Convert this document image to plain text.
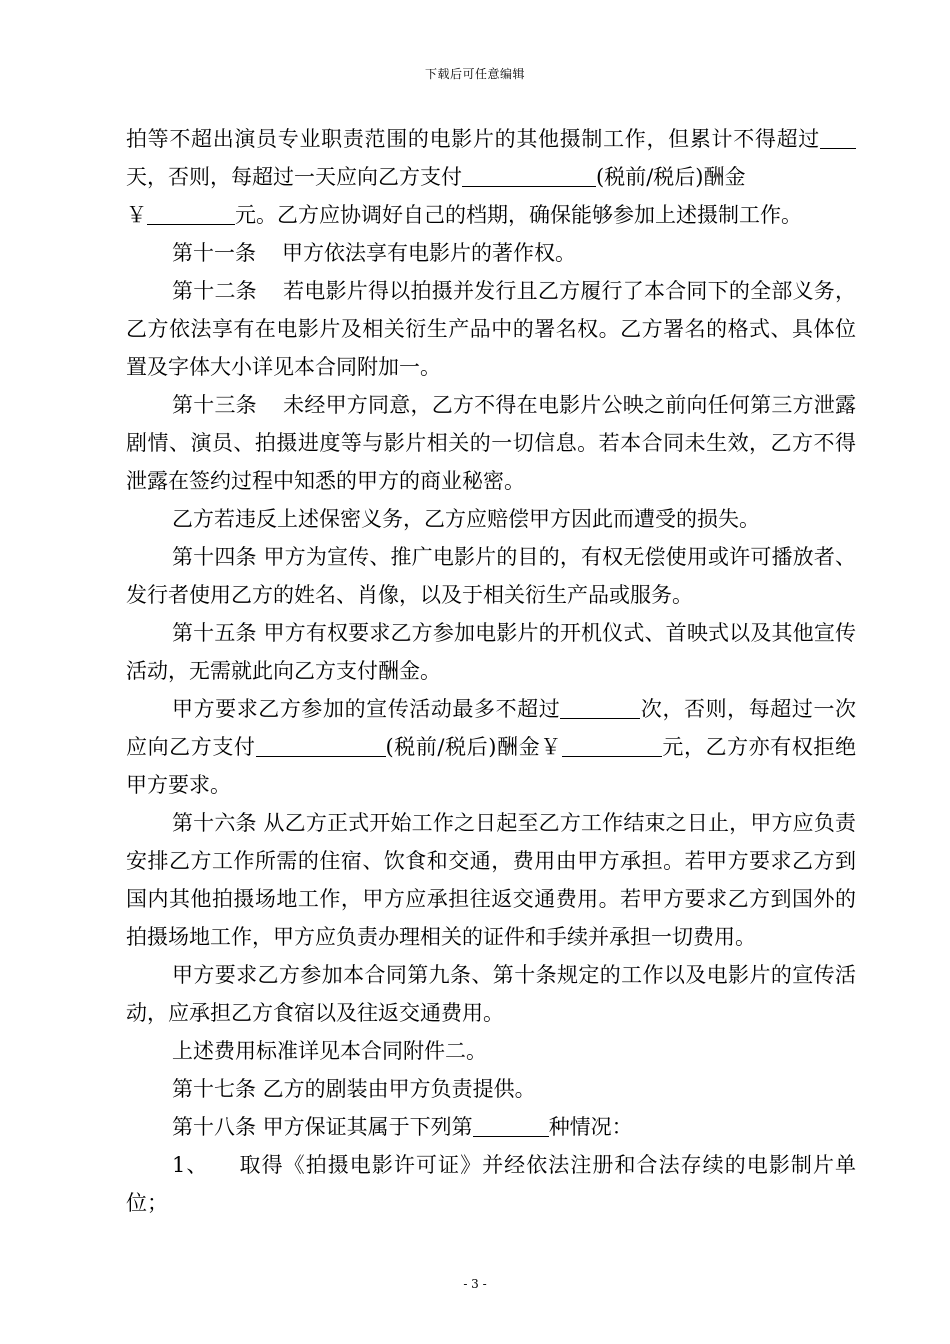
下载后可任意编辑

拍等不超出演员专业职责范围的电影片的其他摄制工作，但累计不得超过天，否则，每超过一天应向乙方支付	(税前/税后)酬金
￥	元。乙方应协调好自己的档期，确保能够参加上述摄制工作。

第十一条 甲方依法享有电影片的著作权。

第十二条 若电影片得以拍摄并发行且乙方履行了本合同下的全部义务，乙方依法享有在电影片及相关衍生产品中的署名权。乙方署名的格式、具体位置及字体大小详见本合同附加一。

第十三条 未经甲方同意，乙方不得在电影片公映之前向任何第三方泄露剧情、演员、拍摄进度等与影片相关的一切信息。若本合同未生效，乙方不得泄露在签约过程中知悉的甲方的商业秘密。

乙方若违反上述保密义务，乙方应赔偿甲方因此而遭受的损失。

第十四条 甲方为宣传、推广电影片的目的，有权无偿使用或许可播放者、发行者使用乙方的姓名、肖像，以及于相关衍生产品或服务。

第十五条 甲方有权要求乙方参加电影片的开机仪式、首映式以及其他宣传活动，无需就此向乙方支付酬金。

甲方要求乙方参加的宣传活动最多不超过	次，否则，每超过一次应向乙方支付	(税前/税后)酬金￥	元，乙方亦有权拒绝甲方要求。

第十六条 从乙方正式开始工作之日起至乙方工作结束之日止，甲方应负责安排乙方工作所需的住宿、饮食和交通，费用由甲方承担。若甲方要求乙方到国内其他拍摄场地工作，甲方应承担往返交通费用。若甲方要求乙方到国外的拍摄场地工作，甲方应负责办理相关的证件和手续并承担一切费用。

甲方要求乙方参加本合同第九条、第十条规定的工作以及电影片的宣传活动，应承担乙方食宿以及往返交通费用。

上述费用标准详见本合同附件二。

第十七条 乙方的剧装由甲方负责提供。

第十八条 甲方保证其属于下列第	种情况：

1、 取得《拍摄电影许可证》并经依法注册和合法存续的电影制片单位；

- 3 -
